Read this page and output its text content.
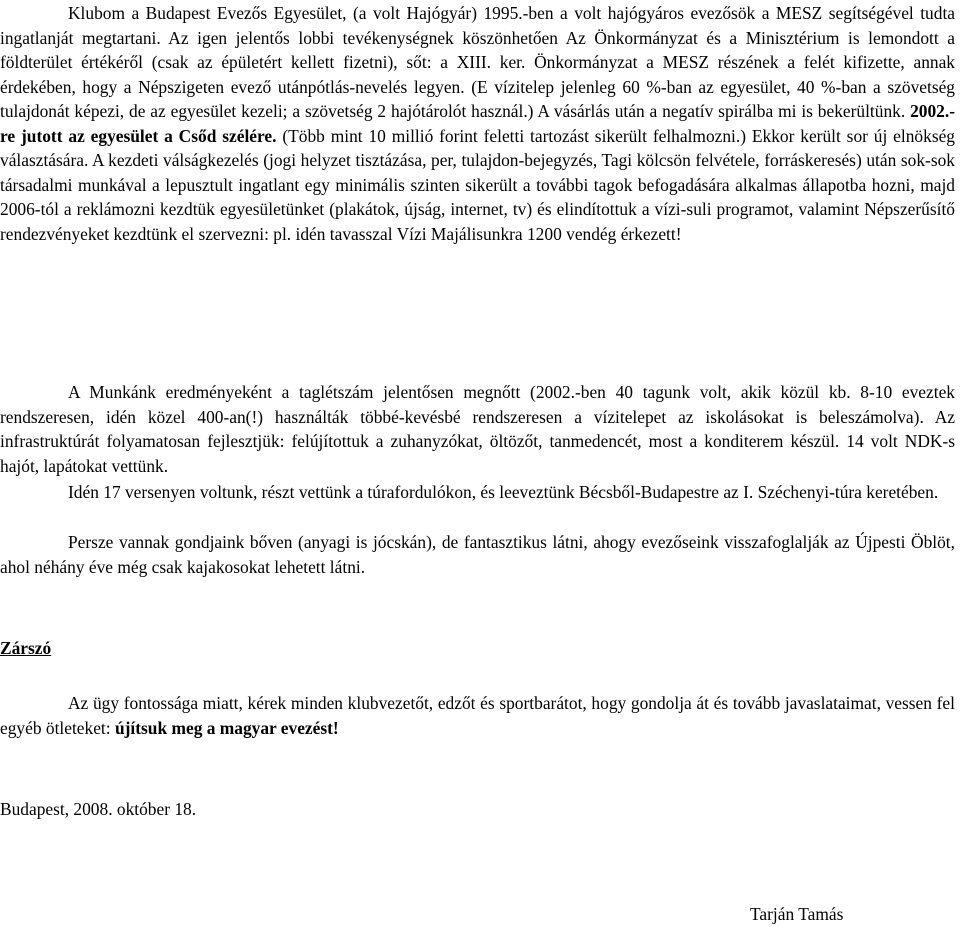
Klubom a Budapest Evezős Egyesület, (a volt Hajógyár) 1995.-ben a volt hajógyáros evezősök a MESZ segítségével tudta ingatlanját megtartani. Az igen jelentős lobbi tevékenységnek köszönhetően Az Önkormányzat és a Minisztérium is lemondott a földterület értékéről (csak az épületért kellett fizetni), sőt: a XIII. ker. Önkormányzat a MESZ részének a felét kifizette, annak érdekében, hogy a Népszigeten evező utánpótlás-nevelés legyen. (E vízitelep jelenleg 60 %-ban az egyesület, 40 %-ban a szövetség tulajdonát képezi, de az egyesület kezeli; a szövetség 2 hajótárolót használ.) A vásárlás után a negatív spirálba mi is bekerültünk. 2002.-re jutott az egyesület a Csőd szélére. (Több mint 10 millió forint feletti tartozást sikerült felhalmozni.) Ekkor került sor új elnökség választására. A kezdeti válságkezelés (jogi helyzet tisztázása, per, tulajdon-bejegyzés, Tagi kölcsön felvétele, forráskeresés) után sok-sok társadalmi munkával a lepusztult ingatlant egy minimális szinten sikerült a további tagok befogadására alkalmas állapotba hozni, majd 2006-tól a reklámozni kezdtük egyesületünket (plakátok, újság, internet, tv) és elindítottuk a vízi-suli programot, valamint Népszerűsítő rendezvényeket kezdtünk el szervezni: pl. idén tavasszal Vízi Majálisunkra 1200 vendég érkezett!

A Munkánk eredményeként a taglétszám jelentősen megnőtt (2002.-ben 40 tagunk volt, akik közül kb. 8-10 eveztek rendszeresen, idén közel 400-an(!) használták többé-kevésbé rendszeresen a vízitelepet az iskolásokat is beleszámolva). Az infrastruktúrát folyamatosan fejlesztjük: felújítottuk a zuhanyzókat, öltözőt, tanmedencét, most a konditerem készül. 14 volt NDK-s hajót, lapátokat vettünk.

Idén 17 versenyen voltunk, részt vettünk a túrafordulókon, és leeveztünk Bécsből-Budapestre az I. Széchenyi-túra keretében.

Persze vannak gondjaink bőven (anyagi is jócskán), de fantasztikus látni, ahogy evezőseink visszafoglalják az Újpesti Öblöt, ahol néhány éve még csak kajakosokat lehetett látni.

Zárszó

Az ügy fontossága miatt, kérek minden klubvezetőt, edzőt és sportbarátot, hogy gondolja át és tovább javaslataimat, vessen fel egyéb ötleteket: újítsuk meg a magyar evezést!

Budapest, 2008. október 18.

Tarján Tamás
